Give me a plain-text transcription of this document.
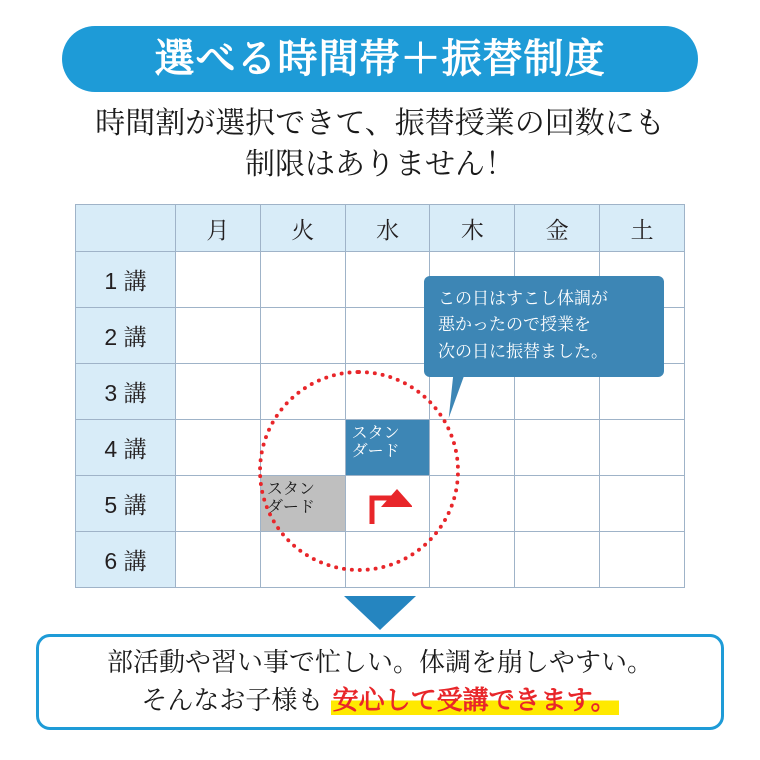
選べる時間帯＋振替制度
時間割が選択できて、振替授業の回数にも
制限はありません！
	月	火	水	木	金	土
1 講						
2 講						
3 講						
4 講			スタン
ダード			

5 講		スタン
ダード				

6 講						
この日はすこし体調が
悪かったので授業を
次の日に振替ました。
部活動や習い事で忙しい。体調を崩しやすい。
そんなお子様も 安心して受講できます。
